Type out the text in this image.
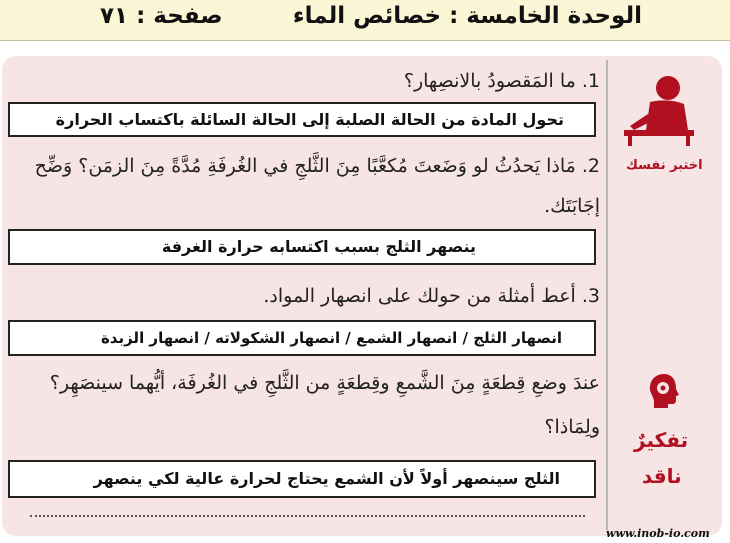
الوحدة الخامسة : خصائص الماء
صفحة : ٧١
اختبر نفسك
تفكيرٌ
ناقد
1. ما المَقصودُ بالانصِهار؟
تحول المادة من الحالة الصلبة إلى الحالة السائلة باكتساب الحرارة
2. مَاذا يَحدُثُ لو وَضَعتَ مُكعَّبًا مِنَ الثَّلجِ في الغُرفَةِ مُدَّةً مِنَ الزمَن؟ وَضِّح
إجَابَتَك.
ينصهر الثلج بسبب اكتسابه حرارة الغرفة
3. أعط أمثلة من حولك على انصهار المواد.
انصهار الثلج / انصهار الشمع / انصهار الشكولاته / انصهار الزبدة
عندَ وضعِ قِطعَةٍ مِنَ الشَّمعِ وقِطعَةٍ من الثَّلجِ في الغُرفَة، أيُّهما سينصَهِر؟
ولِمَاذا؟
الثلج سينصهر أولاً لأن الشمع يحتاج لحرارة عالية لكي ينصهر
www.inob-io.com
